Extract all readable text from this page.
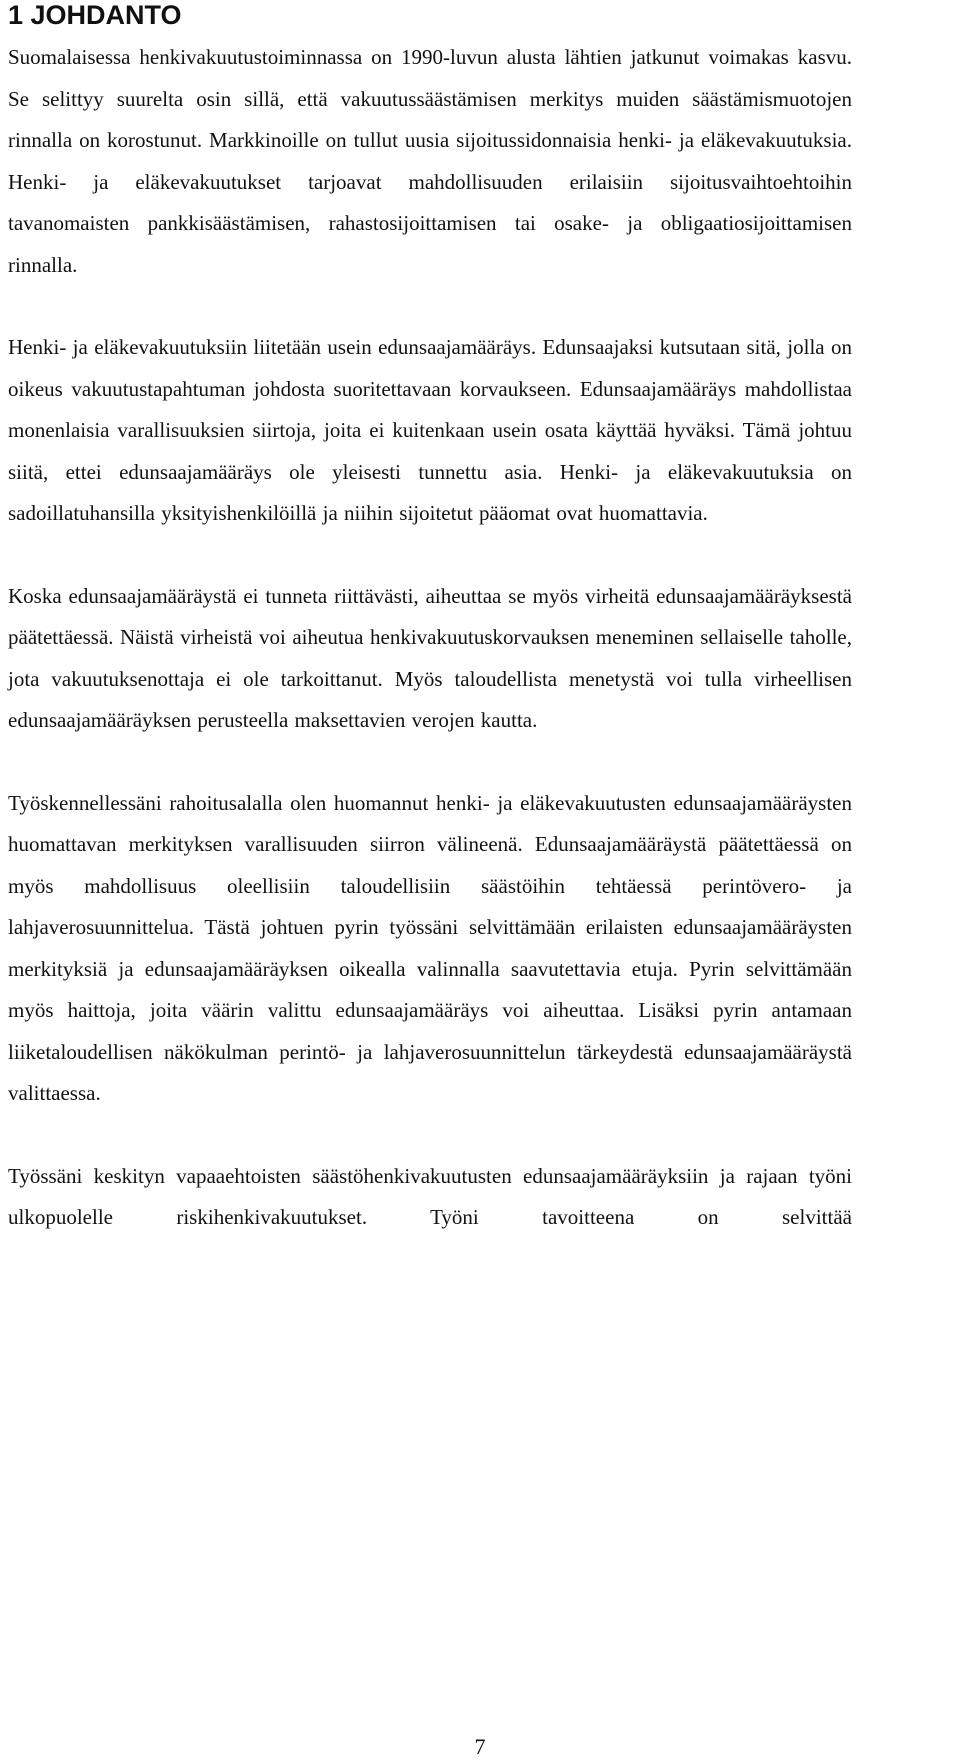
1 JOHDANTO

Suomalaisessa henkivakuutustoiminnassa on 1990-luvun alusta lähtien jatkunut voimakas kasvu. Se selittyy suurelta osin sillä, että vakuutussäästämisen merkitys muiden säästämismuotojen rinnalla on korostunut. Markkinoille on tullut uusia sijoitussidonnaisia henki- ja eläkevakuutuksia. Henki- ja eläkevakuutukset tarjoavat mahdollisuuden erilaisiin sijoitusvaihtoehtoihin tavanomaisten pankkisäästämisen, rahastosijoittamisen tai osake- ja obligaatiosijoittamisen rinnalla.

Henki- ja eläkevakuutuksiin liitetään usein edunsaajamääräys. Edunsaajaksi kutsutaan sitä, jolla on oikeus vakuutustapahtuman johdosta suoritettavaan korvaukseen. Edunsaajamääräys mahdollistaa monenlaisia varallisuuksien siirtoja, joita ei kuitenkaan usein osata käyttää hyväksi. Tämä johtuu siitä, ettei edunsaajamääräys ole yleisesti tunnettu asia. Henki- ja eläkevakuutuksia on sadoillatuhansilla yksityishenkilöillä ja niihin sijoitetut pääomat ovat huomattavia.

Koska edunsaajamääräystä ei tunneta riittävästi, aiheuttaa se myös virheitä edunsaajamääräyksestä päätettäessä. Näistä virheistä voi aiheutua henkivakuutuskorvauksen meneminen sellaiselle taholle, jota vakuutuksenottaja ei ole tarkoittanut. Myös taloudellista menetystä voi tulla virheellisen edunsaajamääräyksen perusteella maksettavien verojen kautta.

Työskennellessäni rahoitusalalla olen huomannut henki- ja eläkevakuutusten edunsaajamääräysten huomattavan merkityksen varallisuuden siirron välineenä. Edunsaajamääräystä päätettäessä on myös mahdollisuus oleellisiin taloudellisiin säästöihin tehtäessä perintövero- ja lahjaverosuunnittelua. Tästä johtuen pyrin työssäni selvittämään erilaisten edunsaajamääräysten merkityksiä ja edunsaajamääräyksen oikealla valinnalla saavutettavia etuja. Pyrin selvittämään myös haittoja, joita väärin valittu edunsaajamääräys voi aiheuttaa. Lisäksi pyrin antamaan liiketaloudellisen näkökulman perintö- ja lahjaverosuunnittelun tärkeydestä edunsaajamääräystä valittaessa.

Työssäni keskityn vapaaehtoisten säästöhenkivakuutusten edunsaajamääräyksiin ja rajaan työni ulkopuolelle riskihenkivakuutukset. Työni tavoitteena on selvittää

7
